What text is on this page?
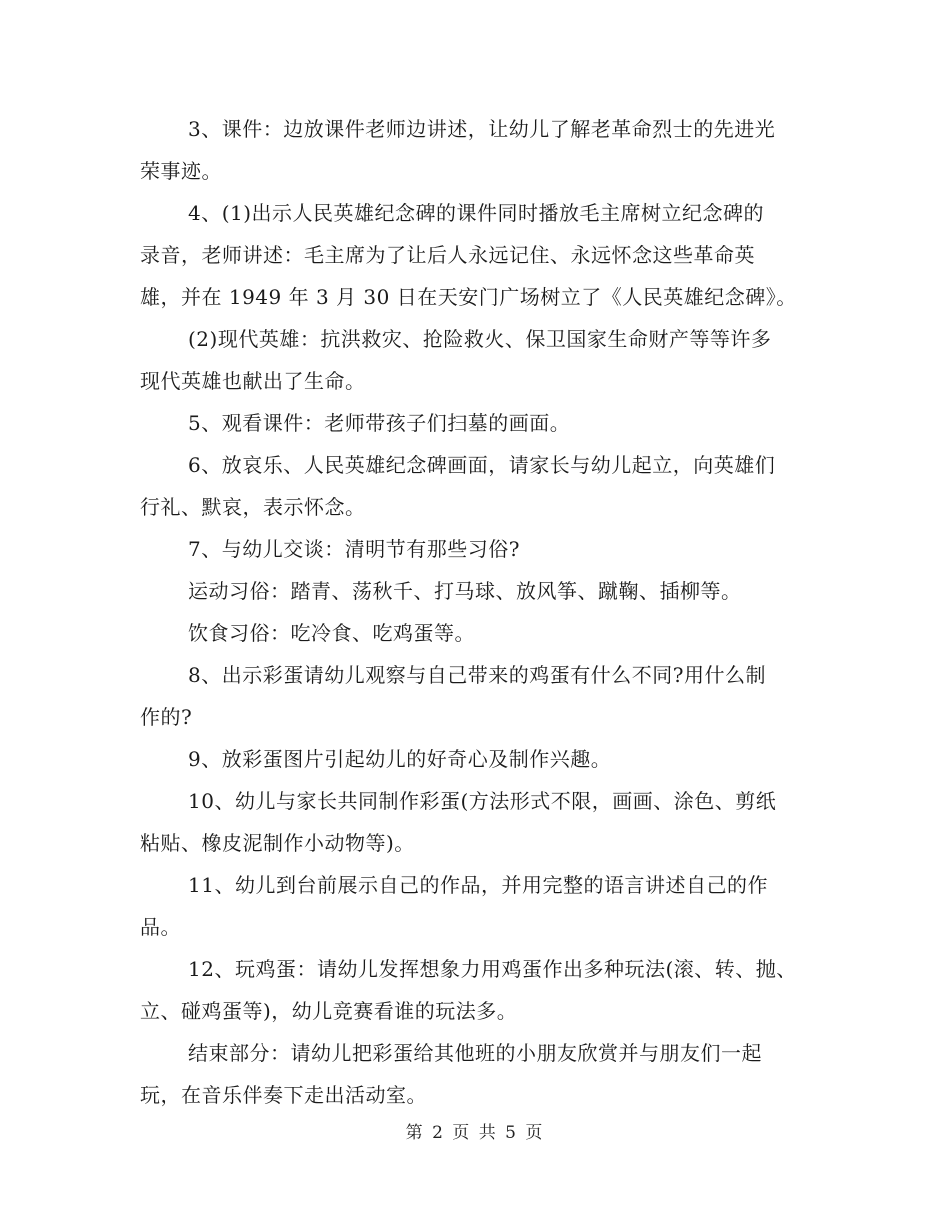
3、课件：边放课件老师边讲述，让幼儿了解老革命烈士的先进光
荣事迹。

4、(1)出示人民英雄纪念碑的课件同时播放毛主席树立纪念碑的
录音，老师讲述：毛主席为了让后人永远记住、永远怀念这些革命英
雄，并在 1949 年 3 月 30 日在天安门广场树立了《人民英雄纪念碑》。

(2)现代英雄：抗洪救灾、抢险救火、保卫国家生命财产等等许多
现代英雄也献出了生命。

5、观看课件：老师带孩子们扫墓的画面。

6、放哀乐、人民英雄纪念碑画面，请家长与幼儿起立，向英雄们
行礼、默哀，表示怀念。

7、与幼儿交谈：清明节有那些习俗?

运动习俗：踏青、荡秋千、打马球、放风筝、蹴鞠、插柳等。

饮食习俗：吃冷食、吃鸡蛋等。

8、出示彩蛋请幼儿观察与自己带来的鸡蛋有什么不同?用什么制
作的?

9、放彩蛋图片引起幼儿的好奇心及制作兴趣。

10、幼儿与家长共同制作彩蛋(方法形式不限，画画、涂色、剪纸
粘贴、橡皮泥制作小动物等)。

11、幼儿到台前展示自己的作品，并用完整的语言讲述自己的作
品。

12、玩鸡蛋：请幼儿发挥想象力用鸡蛋作出多种玩法(滚、转、抛、
立、碰鸡蛋等)，幼儿竞赛看谁的玩法多。

结束部分：请幼儿把彩蛋给其他班的小朋友欣赏并与朋友们一起
玩，在音乐伴奏下走出活动室。

第 2 页 共 5 页
